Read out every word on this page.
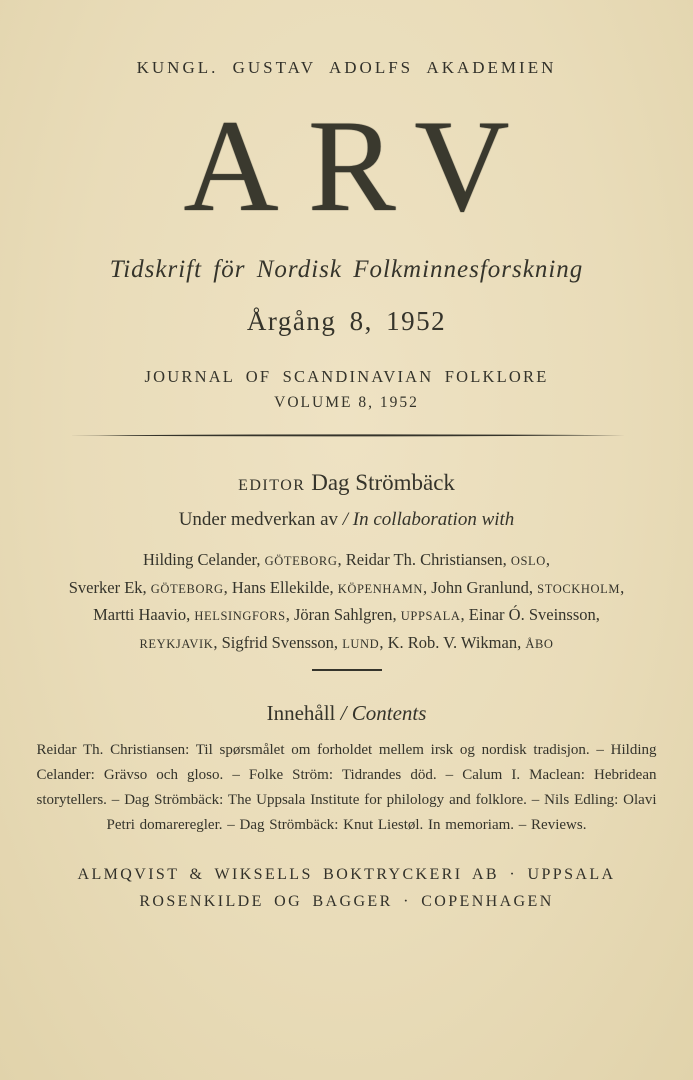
KUNGL. GUSTAV ADOLFS AKADEMIEN
ARV
Tidskrift för Nordisk Folkminnesforskning
Årgång 8, 1952
JOURNAL OF SCANDINAVIAN FOLKLORE
VOLUME 8, 1952
EDITOR Dag Strömbäck
Under medverkan av / In collaboration with
Hilding Celander, GÖTEBORG, Reidar Th. Christiansen, OSLO,
Sverker Ek, GÖTEBORG, Hans Ellekilde, KÖPENHAMN, John Granlund, STOCKHOLM,
Martti Haavio, HELSINGFORS, Jöran Sahlgren, UPPSALA, Einar Ó. Sveinsson,
REYKJAVIK, Sigfrid Svensson, LUND, K. Rob. V. Wikman, ÅBO
Innehåll / Contents
Reidar Th. Christiansen: Til spørsmålet om forholdet mellem irsk og nordisk tradisjon. – Hilding Celander: Grävso och gloso. – Folke Ström: Tidrandes död. – Calum I. Maclean: Hebridean storytellers. – Dag Strömbäck: The Uppsala Institute for philology and folklore. – Nils Edling: Olavi Petri domareregler. – Dag Strömbäck: Knut Liestøl. In memoriam. – Reviews.
ALMQVIST & WIKSELLS BOKTRYCKERI AB · UPPSALA
ROSENKILDE OG BAGGER · COPENHAGEN
